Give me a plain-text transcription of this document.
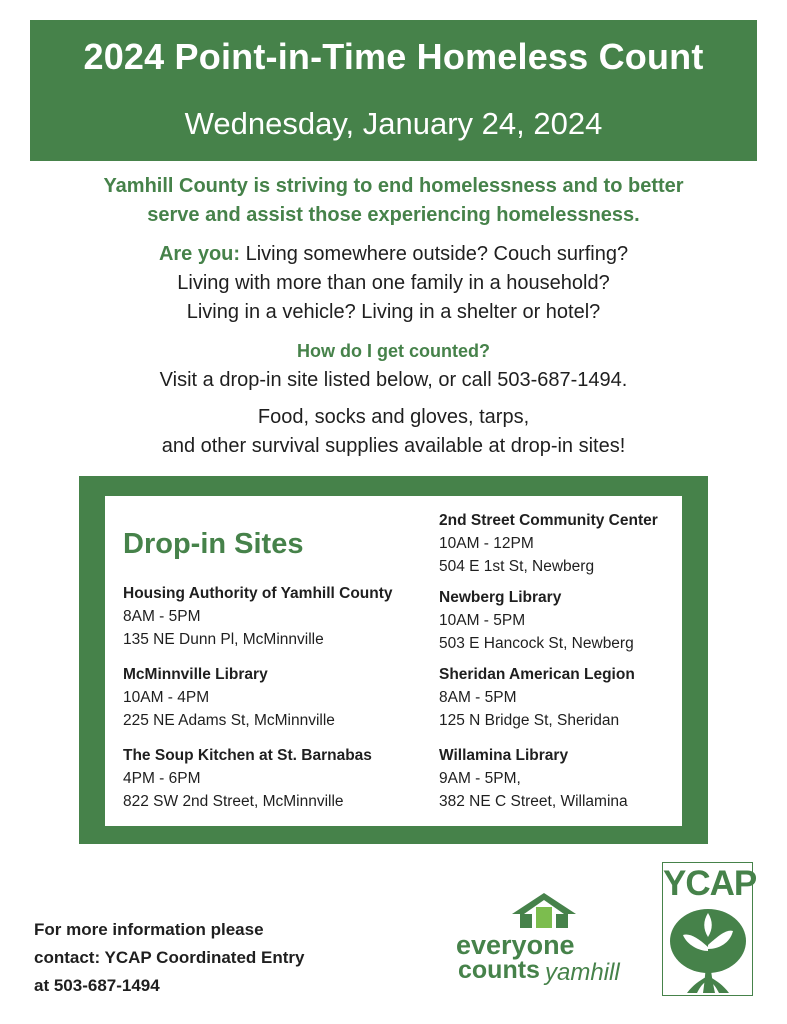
2024 Point-in-Time Homeless Count
Wednesday, January 24, 2024
Yamhill County is striving to end homelessness and to better
serve and assist those experiencing homelessness.
Are you: Living somewhere outside? Couch surfing?
Living with more than one family in a household?
Living in a vehicle? Living in a shelter or hotel?
How do I get counted?
Visit a drop-in site listed below, or call 503-687-1494.
Food, socks and gloves, tarps,
and other survival supplies available at drop-in sites!
Drop-in Sites
Housing Authority of Yamhill County
8AM - 5PM
135 NE Dunn Pl, McMinnville
McMinnville Library
10AM - 4PM
225 NE Adams St, McMinnville
The Soup Kitchen at St. Barnabas
4PM - 6PM
822 SW 2nd Street, McMinnville
2nd Street Community Center
10AM - 12PM
504 E 1st St, Newberg
Newberg Library
10AM - 5PM
503 E Hancock St, Newberg
Sheridan American Legion
8AM - 5PM
125 N Bridge St, Sheridan
Willamina Library
9AM - 5PM,
382 NE C Street, Willamina
For more information please
contact: YCAP Coordinated Entry
at 503-687-1494
everyone
counts yamhill
YCAP
